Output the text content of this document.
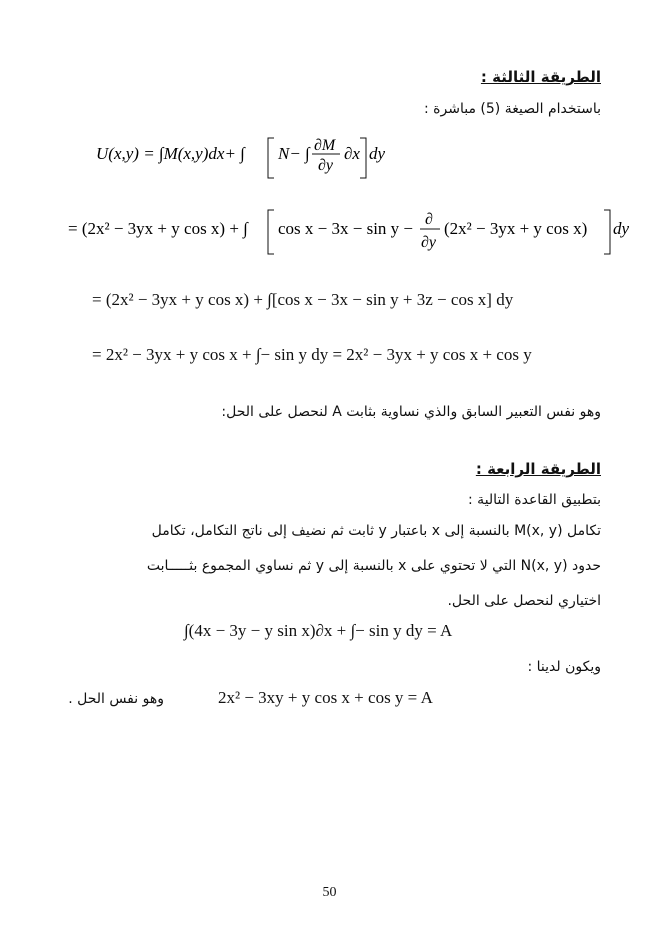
الطريقة الثالثة :
باستخدام الصيغة (5) مباشرة :
U(x,y) = ∫M(x,y)dx+ ∫ N− ∫ ∂M
∂y
∂x dy
= (2x² − 3yx + y cos x) + ∫ cos x − 3x − sin y − ∂
∂y
(2x² − 3yx + y cos x) dy
= (2x² − 3yx + y cos x) + ∫[cos x − 3x − sin y + 3z − cos x] dy
= 2x² − 3yx + y cos x + ∫− sin y dy = 2x² − 3yx + y cos x + cos y
وهو نفس التعبير السابق والذي نساوية بثابت A لنحصل على الحل:
الطريقة الرابعة :
بتطبيق القاعدة التالية :
تكامل M(x, y) بالنسبة إلى x باعتبار y ثابت ثم نضيف إلى ناتج التكامل، تكامل
حدود N(x, y) التي لا تحتوي على x بالنسبة إلى y ثم نساوي المجموع بثـــــابت
اختياري لنحصل على الحل.
∫(4x − 3y − y sin x)∂x + ∫− sin y dy = A
ويكون لدينا :
2x² − 3xy + y cos x + cos y = A
وهو نفس الحل .
50
